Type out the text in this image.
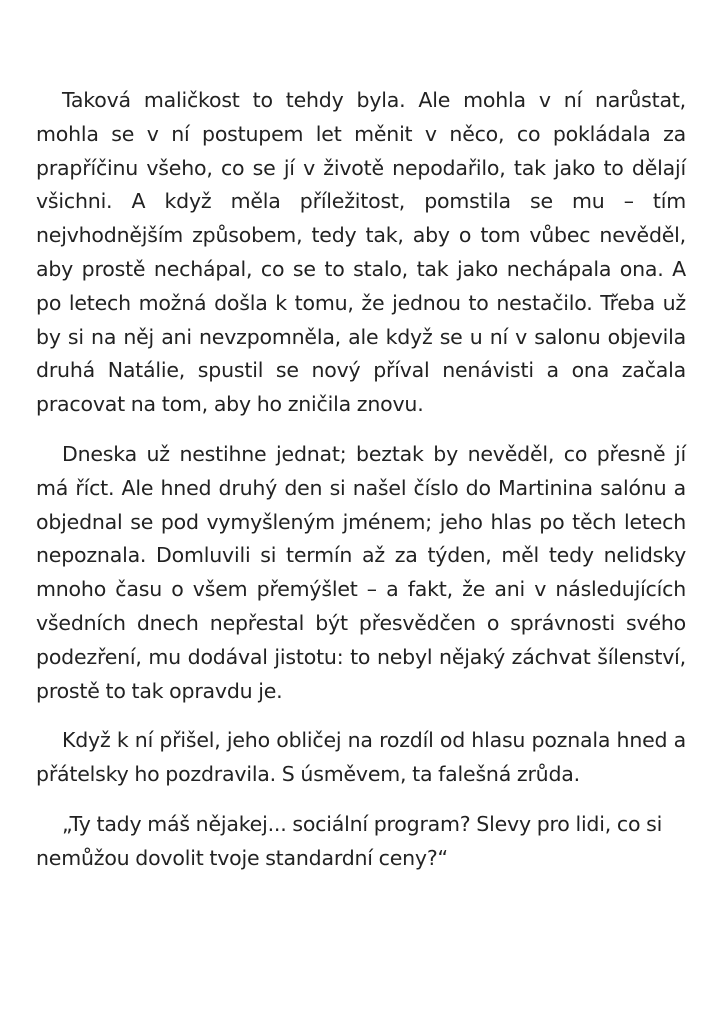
Taková maličkost to tehdy byla. Ale mohla v ní narůstat, mohla se v ní postupem let měnit v něco, co pokládala za prapříčinu všeho, co se jí v životě nepodařilo, tak jako to dělají všichni. A když měla příležitost, pomstila se mu – tím nejvhodnějším způsobem, tedy tak, aby o tom vůbec nevěděl, aby prostě nechápal, co se to stalo, tak jako nechápala ona. A po letech možná došla k tomu, že jednou to nestačilo. Třeba už by si na něj ani nevzpomněla, ale když se u ní v salonu objevila druhá Natálie, spustil se nový příval nenávisti a ona začala pracovat na tom, aby ho zničila znovu.

Dneska už nestihne jednat; beztak by nevěděl, co přesně jí má říct. Ale hned druhý den si našel číslo do Martinina salónu a objednal se pod vymyšleným jménem; jeho hlas po těch letech nepoznala. Domluvili si termín až za týden, měl tedy nelidsky mnoho času o všem přemýšlet – a fakt, že ani v následujících všedních dnech nepřestal být přesvědčen o správnosti svého podezření, mu dodával jistotu: to nebyl nějaký záchvat šílenství, prostě to tak opravdu je.

Když k ní přišel, jeho obličej na rozdíl od hlasu poznala hned a přátelsky ho pozdravila. S úsměvem, ta falešná zrůda.

„Ty tady máš nějakej... sociální program? Slevy pro lidi, co si nemůžou dovolit tvoje standardní ceny?“
